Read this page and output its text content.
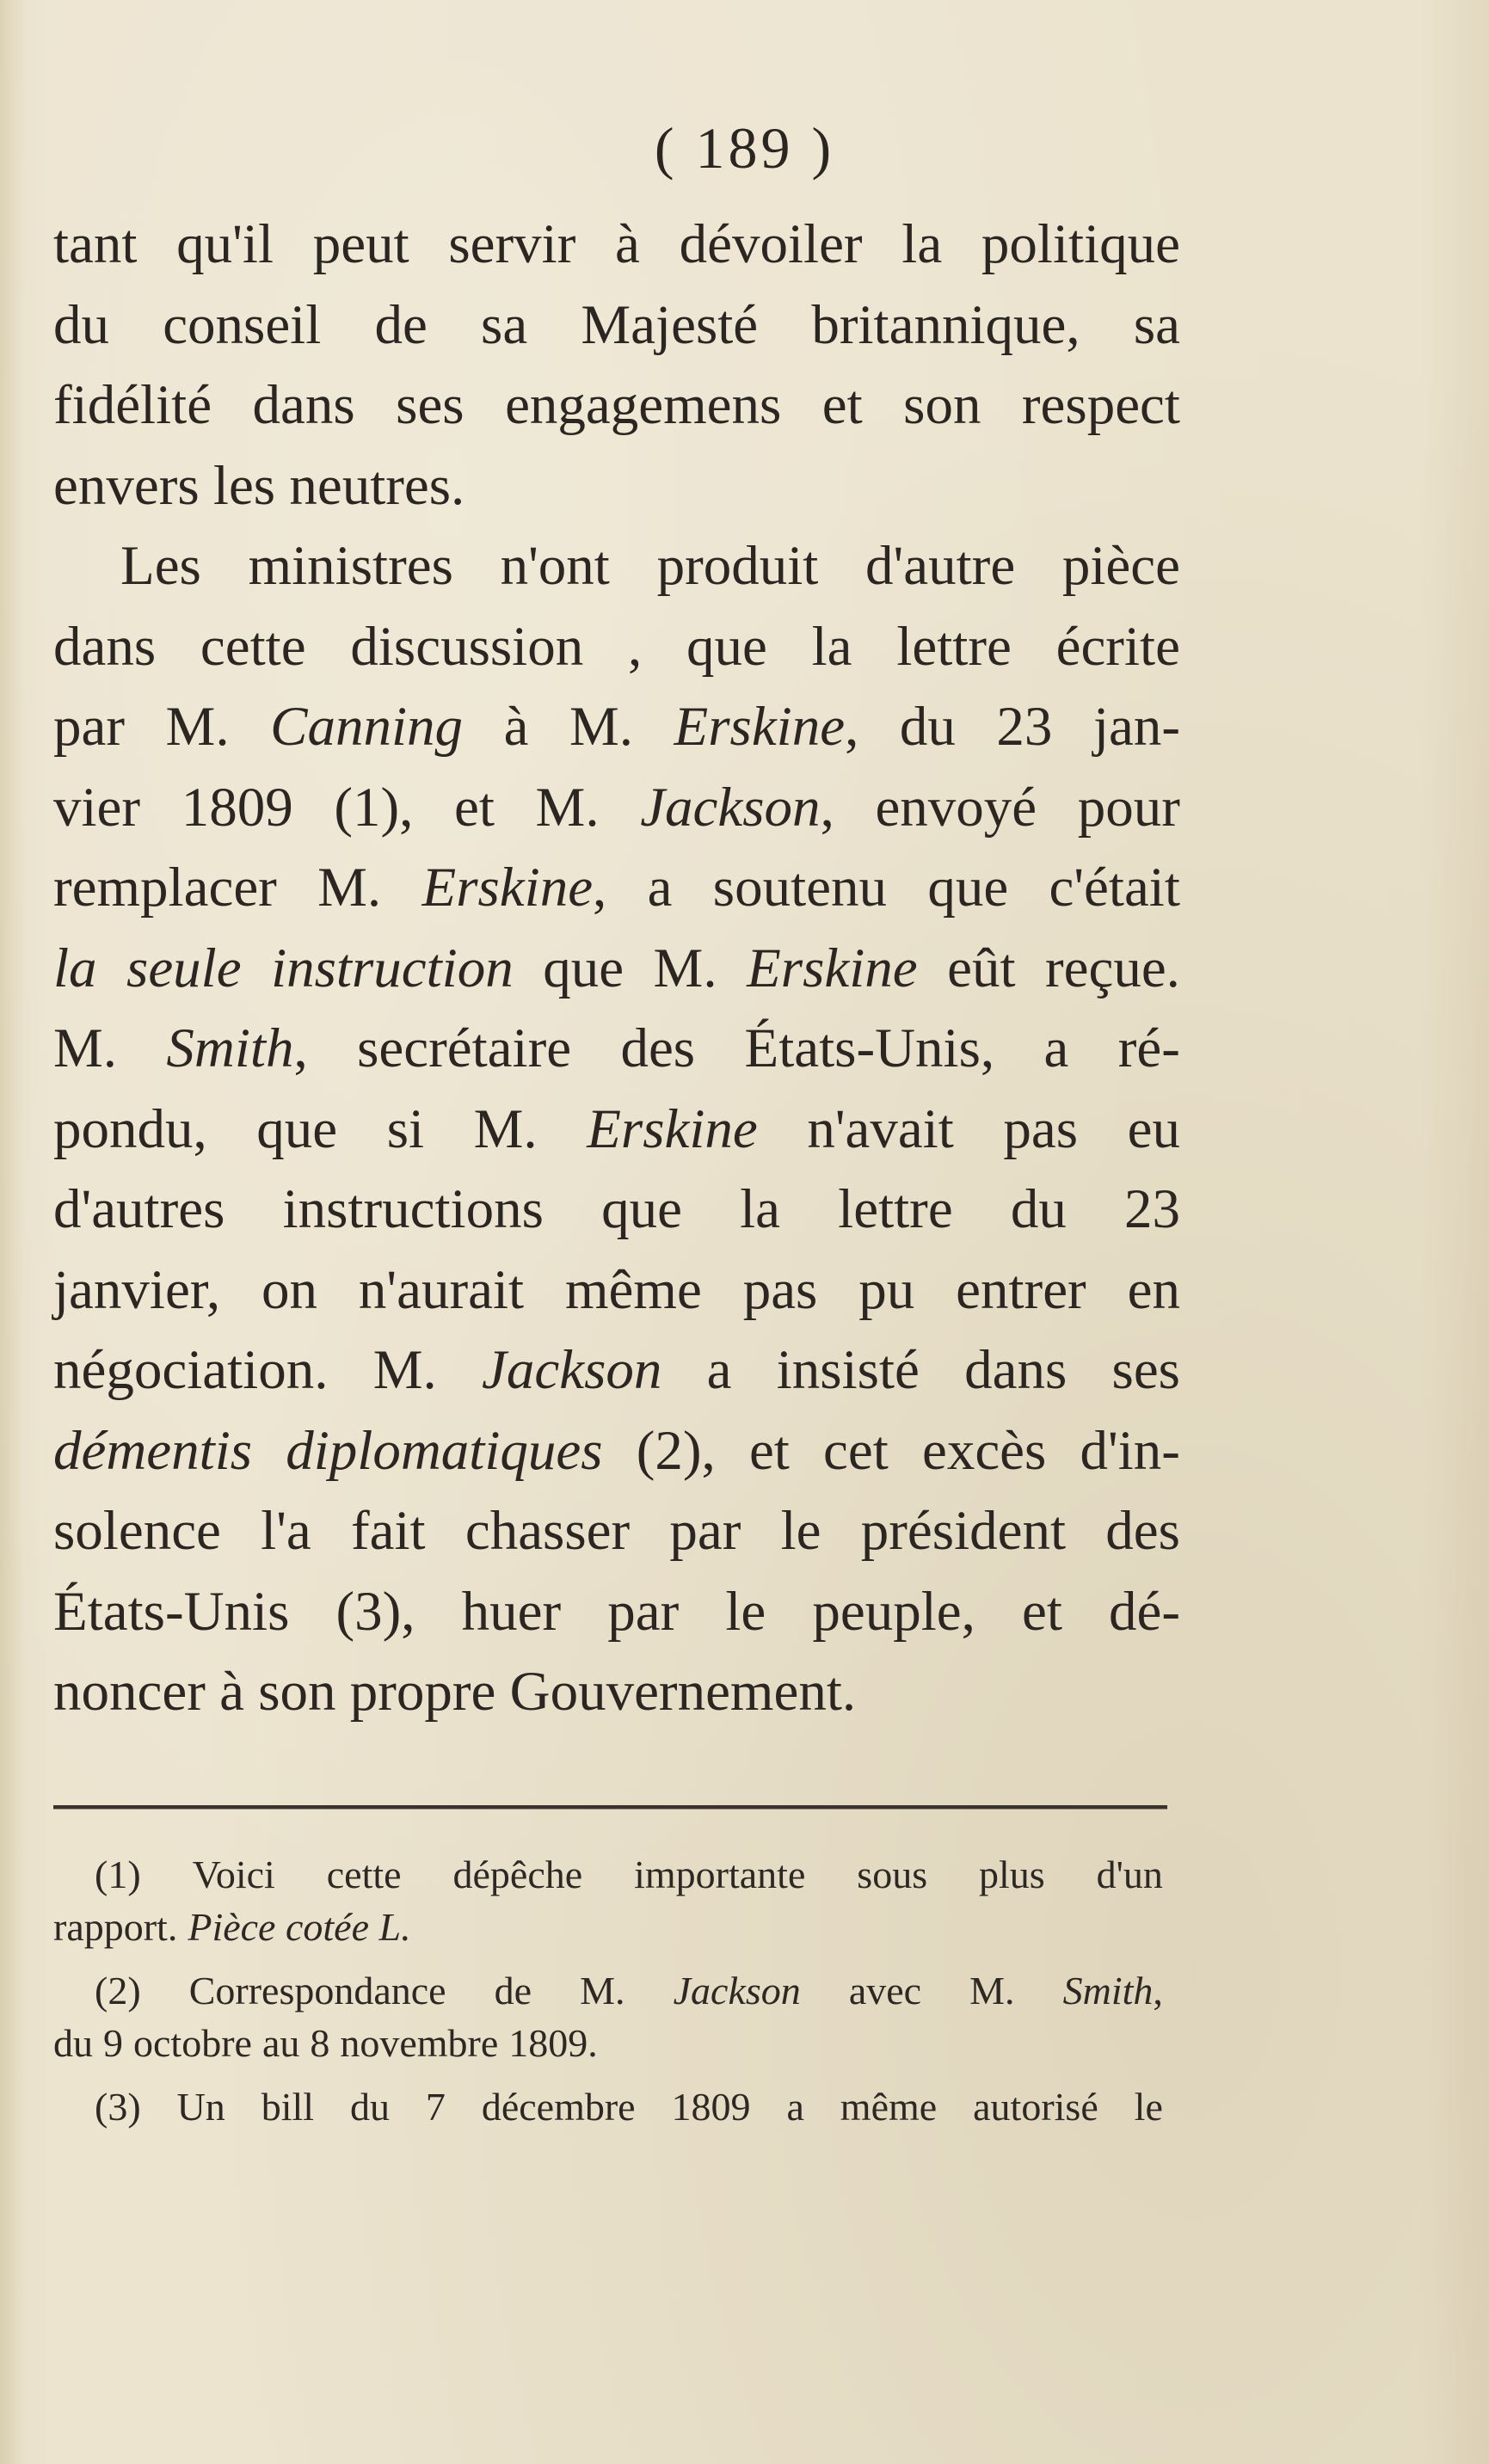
( 189 )
tant qu'il peut servir à dévoiler la politique
du conseil de sa Majesté britannique, sa
fidélité dans ses engagemens et son respect
envers les neutres.
Les ministres n'ont produit d'autre pièce
dans cette discussion , que la lettre écrite
par M. Canning à M. Erskine, du 23 jan-
vier 1809 (1), et M. Jackson, envoyé pour
remplacer M. Erskine, a soutenu que c'était
la seule instruction que M. Erskine eût reçue.
M. Smith, secrétaire des États-Unis, a ré-
pondu, que si M. Erskine n'avait pas eu
d'autres instructions que la lettre du 23
janvier, on n'aurait même pas pu entrer en
négociation. M. Jackson a insisté dans ses
démentis diplomatiques (2), et cet excès d'in-
solence l'a fait chasser par le président des
États-Unis (3), huer par le peuple, et dé-
noncer à son propre Gouvernement.
(1) Voici cette dépêche importante sous plus d'un
rapport. Pièce cotée L.
(2) Correspondance de M. Jackson avec M. Smith,
du 9 octobre au 8 novembre 1809.
(3) Un bill du 7 décembre 1809 a même autorisé le
